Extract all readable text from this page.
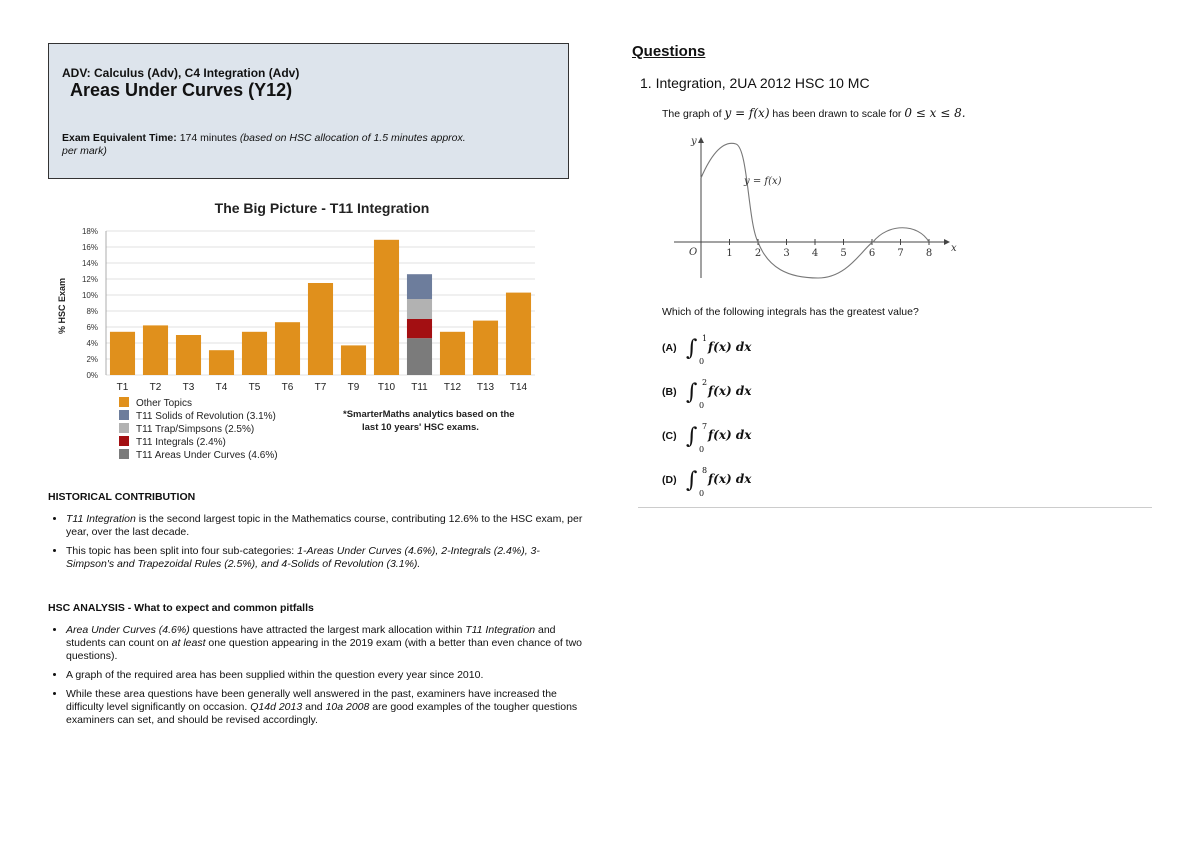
ADV: Calculus (Adv), C4 Integration (Adv)
Areas Under Curves (Y12)
Exam Equivalent Time: 174 minutes (based on HSC allocation of 1.5 minutes approx. per mark)
The Big Picture - T11 Integration
% HSC Exam
0%
2%
4%
6%
8%
10%
12%
14%
16%
18%
T1 T2 T3 T4 T5 T6 T7 T9 T10 T11 T12 T13 T14
Other Topics
T11 Solids of Revolution (3.1%)
T11 Trap/Simpsons (2.5%)
T11 Integrals (2.4%)
T11 Areas Under Curves (4.6%)
*SmarterMaths analytics based on the
last 10 years' HSC exams.
HISTORICAL CONTRIBUTION
• T11 Integration is the second largest topic in the Mathematics course, contributing 12.6% to the HSC exam, per year, over the last decade.
• This topic has been split into four sub-categories: 1-Areas Under Curves (4.6%), 2-Integrals (2.4%), 3-Simpson's and Trapezoidal Rules (2.5%), and 4-Solids of Revolution (3.1%).
HSC ANALYSIS - What to expect and common pitfalls
• Area Under Curves (4.6%) questions have attracted the largest mark allocation within T11 Integration and students can count on at least one question appearing in the 2019 exam (with a better than even chance of two questions).
• A graph of the required area has been supplied within the question every year since 2010.
• While these area questions have been generally well answered in the past, examiners have increased the difficulty level significantly on occasion. Q14d 2013 and 10a 2008 are good examples of the tougher questions examiners can set, and should be revised accordingly.
Questions
1. Integration, 2UA 2012 HSC 10 MC
The graph of y = f(x) has been drawn to scale for 0 ≤ x ≤ 8.
y
x
O	1 2 3 4 5 6 7 8
y = f(x)
Which of the following integrals has the greatest value?
(A) ∫ 1
0
f(x) dx
(B) ∫ 2
0
f(x) dx
(C) ∫ 7
0
f(x) dx
(D) ∫ 8
0
f(x) dx
